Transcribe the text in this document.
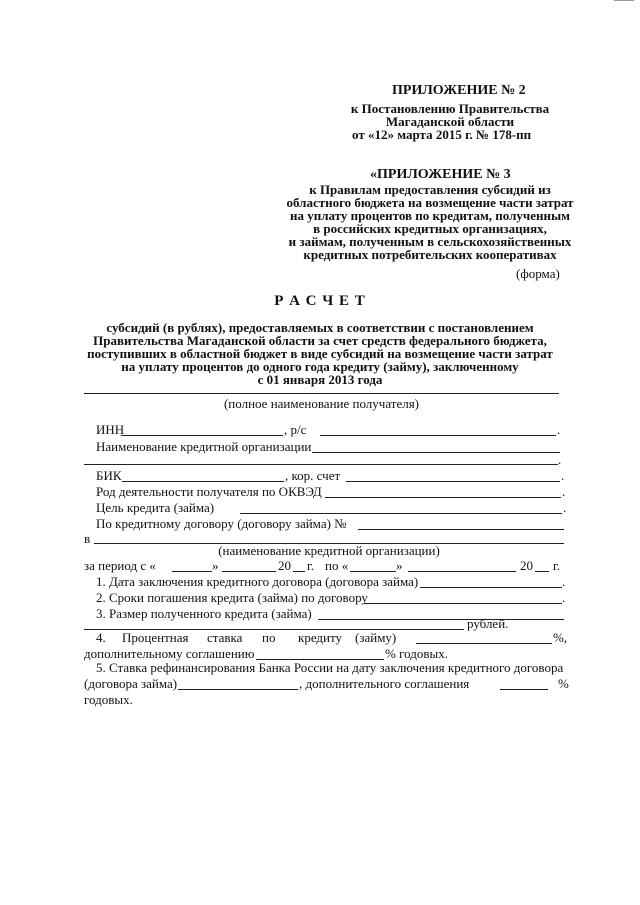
ПРИЛОЖЕНИЕ № 2
к Постановлению Правительства
Магаданской области
от «12» марта 2015 г. № 178-пп
«ПРИЛОЖЕНИЕ № 3
к Правилам предоставления субсидий из
областного бюджета на возмещение части затрат
на уплату процентов по кредитам, полученным
в российских кредитных организациях,
и займам, полученным в сельскохозяйственных
кредитных потребительских кооперативах
(форма)
Р А С Ч Е Т
субсидий (в рублях), предоставляемых в соответствии с постановлением
Правительства Магаданской области за счет средств федерального бюджета,
поступивших в областной бюджет в виде субсидий на возмещение части затрат
на уплату процентов до одного года кредиту (займу), заключенному
с 01 января 2013 года
(полное наименование получателя)
ИНН	, р/с	.
Наименование кредитной организации
.
БИК	, кор. счет	.
Род деятельности получателя по ОКВЭД	.
Цель кредита (займа)	.
По кредитному договору (договору займа) №
в
(наименование кредитной организации)
за период с «	»	20 г. по «	»	20 г.
1. Дата заключения кредитного договора (договора займа)	.
2. Сроки погашения кредита (займа) по договору	.
3. Размер полученного кредита (займа)
рублей.
4. Процентная ставка по кредиту (займу)	%,
дополнительному соглашению	% годовых.
5. Ставка рефинансирования Банка России на дату заключения кредитного договора
(договора займа)	, дополнительного соглашения	%
годовых.
